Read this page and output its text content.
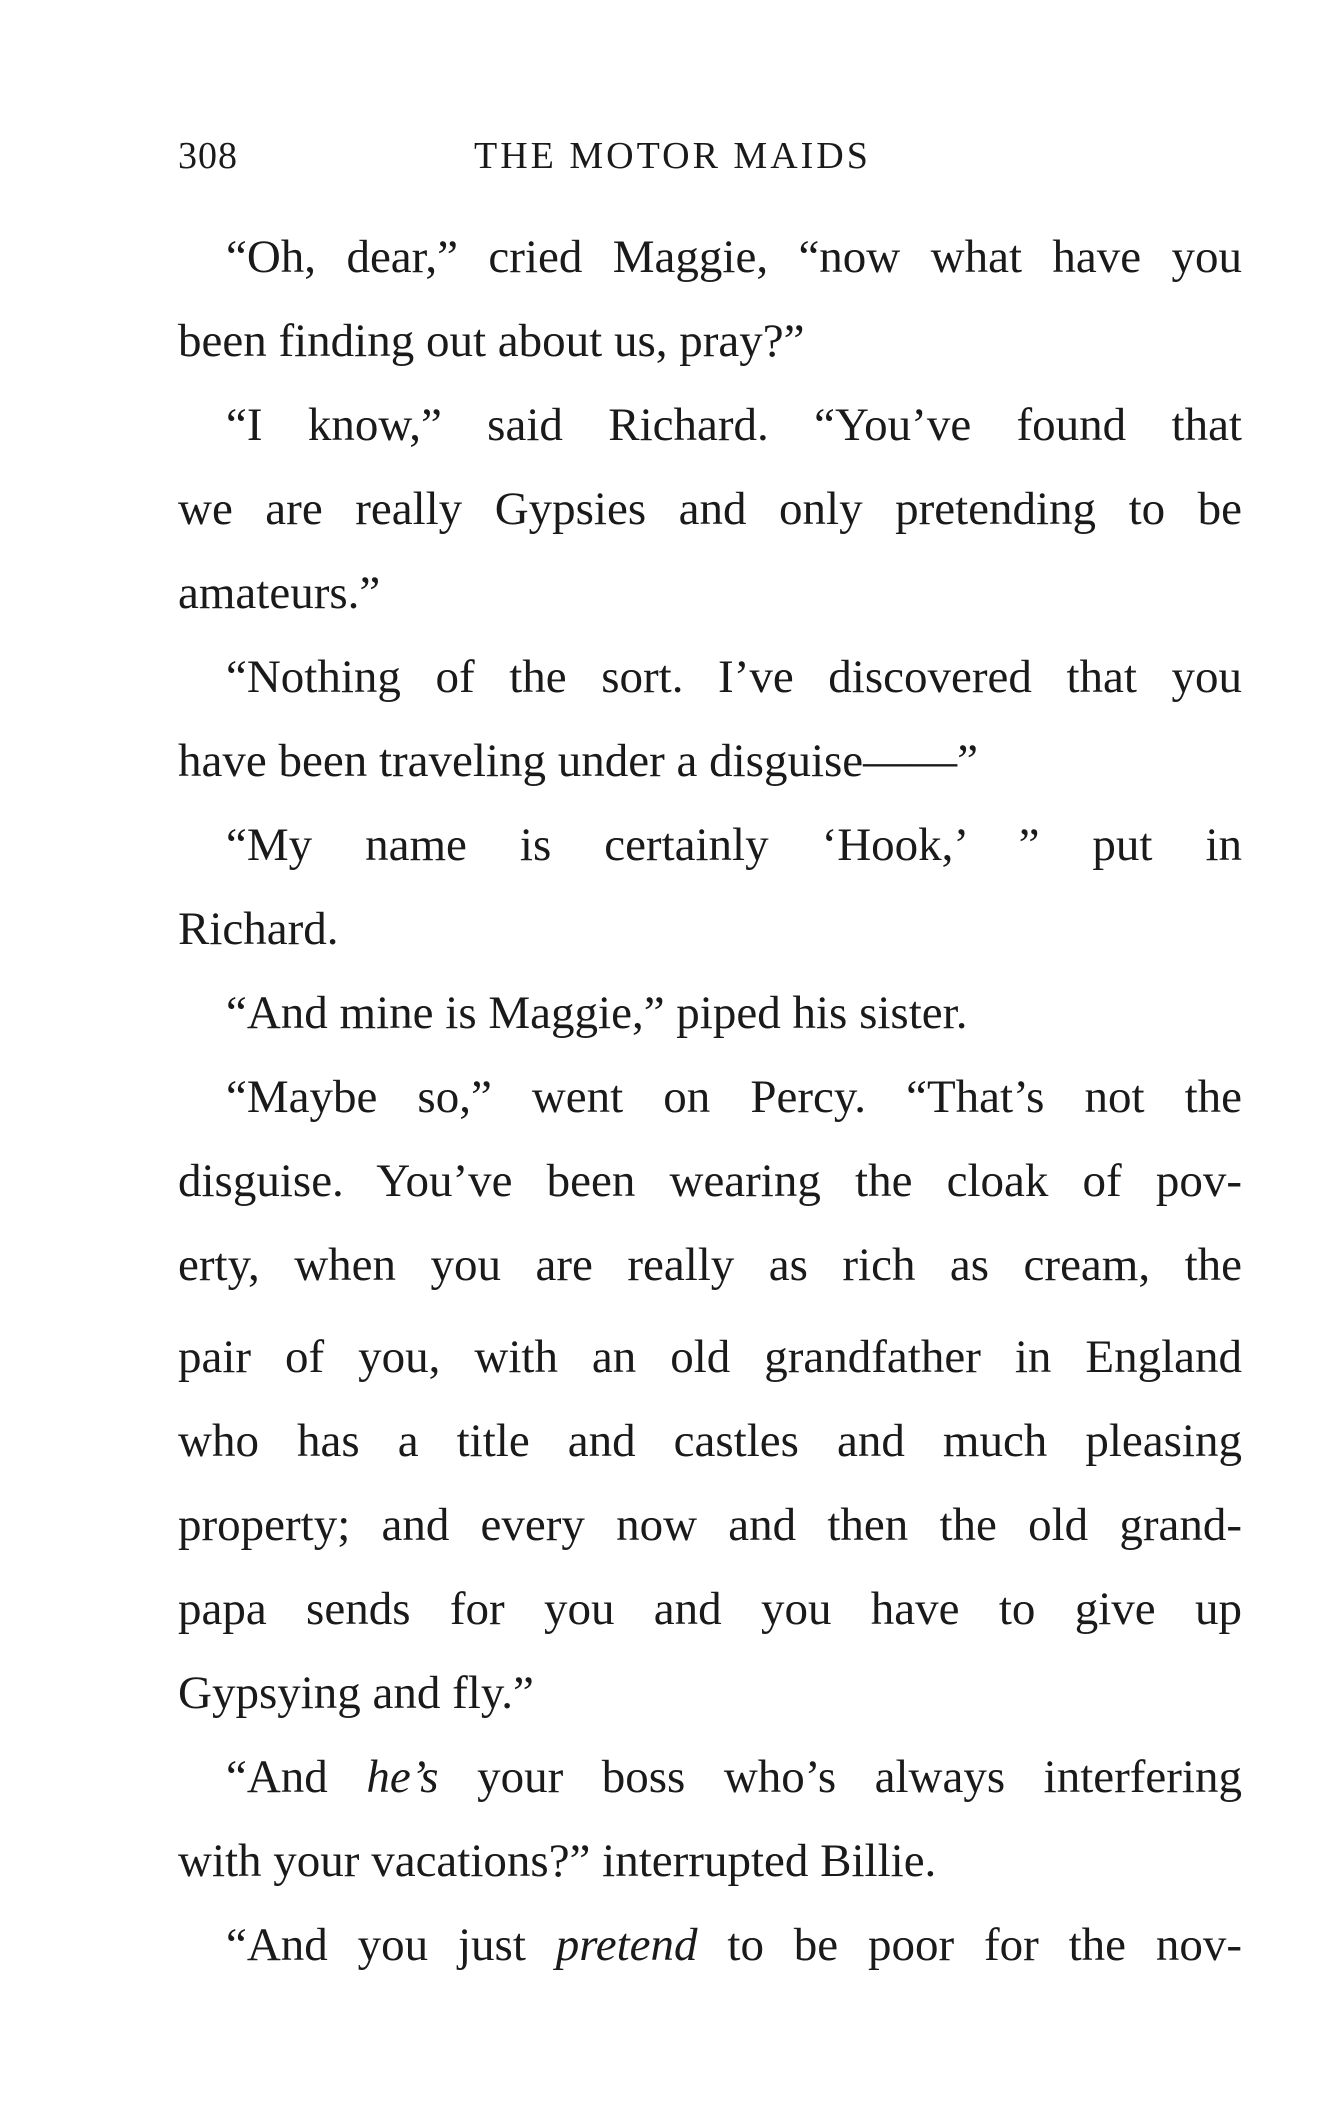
308	THE MOTOR MAIDS
“Oh, dear,” cried Maggie, “now what have you
been finding out about us, pray?”
“I know,” said Richard. “You’ve found that
we are really Gypsies and only pretending to be
amateurs.”
“Nothing of the sort. I’ve discovered that you
have been traveling under a disguise——”
“My name is certainly ‘Hook,’ ” put in
Richard.
“And mine is Maggie,” piped his sister.
“Maybe so,” went on Percy. “That’s not the
disguise. You’ve been wearing the cloak of pov-
erty, when you are really as rich as cream, the
pair of you, with an old grandfather in England
who has a title and castles and much pleasing
property; and every now and then the old grand-
papa sends for you and you have to give up
Gypsying and fly.”
“And he’s your boss who’s always interfering
with your vacations?” interrupted Billie.
“And you just pretend to be poor for the nov-
